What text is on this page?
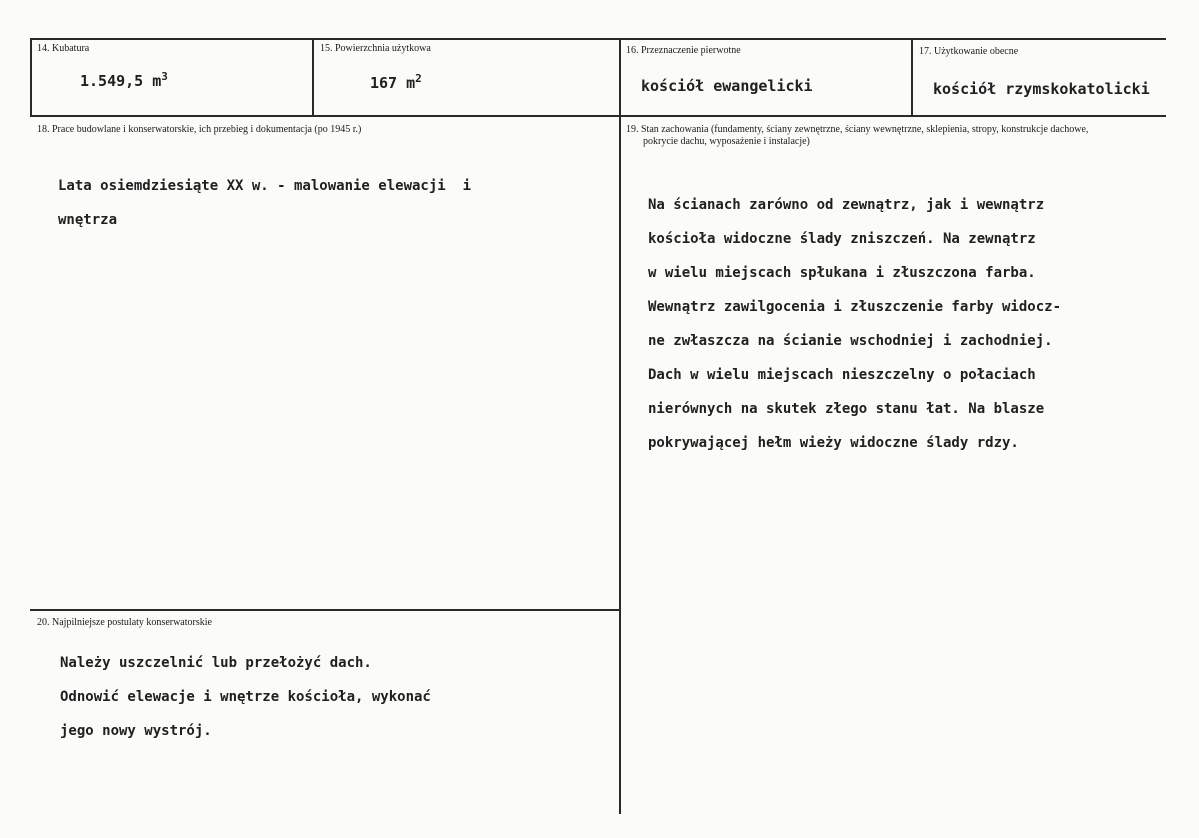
14. Kubatura
1.549,5 $m^3$
15. Powierzchnia użytkowa
167 $m^2$
16. Przeznaczenie pierwotne
kościół ewangelicki
17. Użytkowanie obecne
kościół rzymskokatolicki
18. Prace budowlane i konserwatorskie, ich przebieg i dokumentacja (po 1945 r.)

Lata osiemdziesiąte XX w. - malowanie elewacji  i

wnętrza

19. Stan zachowania (fundamenty, ściany zewnętrzne, ściany wewnętrzne, sklepienia, stropy, konstrukcje dachowe,
pokrycie dachu, wyposażenie i instalacje)

Na ścianach zarówno od zewnątrz, jak i wewnątrz

kościoła widoczne ślady zniszczeń. Na zewnątrz

w wielu miejscach spłukana i złuszczona farba.

Wewnątrz zawilgocenia i złuszczenie farby widocz-

ne zwłaszcza na ścianie wschodniej i zachodniej.

Dach w wielu miejscach nieszczelny o połaciach

nierównych na skutek złego stanu łat. Na blasze

pokrywającej hełm wieży widoczne ślady rdzy.

20. Najpilniejsze postulaty konserwatorskie

Należy uszczelnić lub przełożyć dach.

Odnowić elewacje i wnętrze kościoła, wykonać

jego nowy wystrój.
